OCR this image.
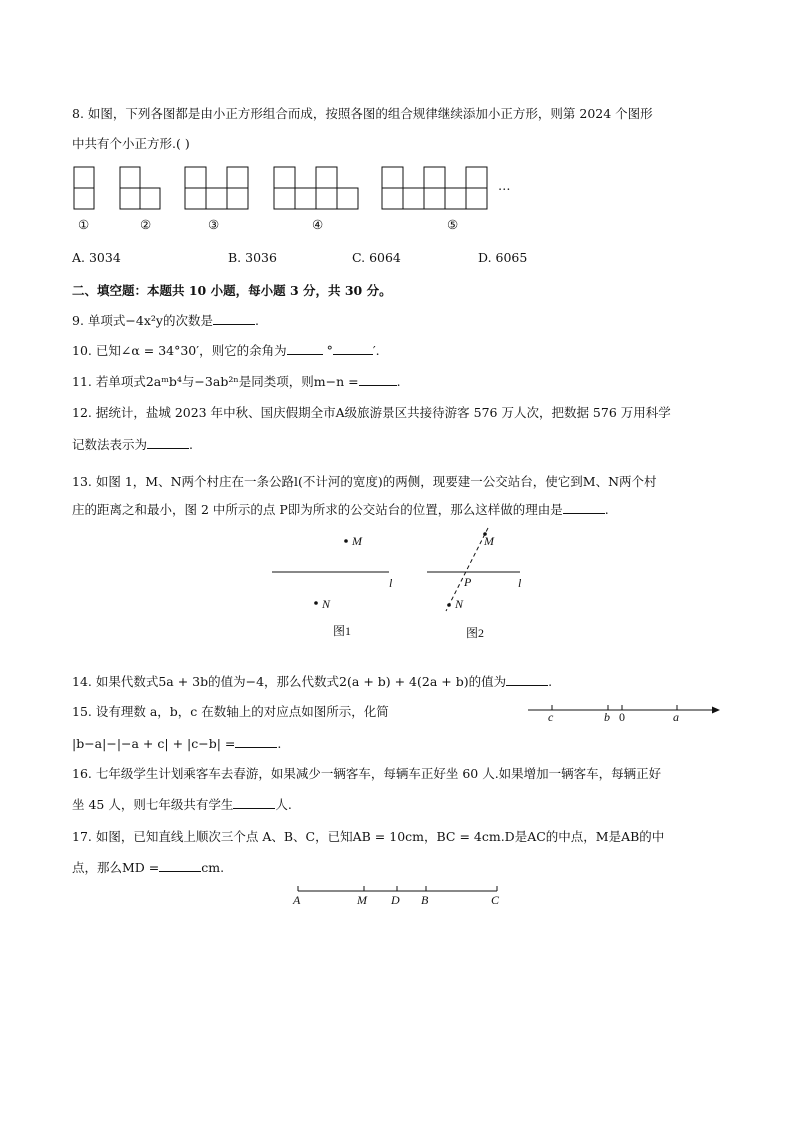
8. 如图，下列各图都是由小正方形组合而成，按照各图的组合规律继续添加小正方形，则第 2024 个图形
中共有个小正方形.( )
…
①	②	③	④	⑤
A. 3034	B. 3036	C. 6064	D. 6065
二、填空题：本题共 10 小题，每小题 3 分，共 30 分。
9. 单项式−4x²y的次数是	.
10. 已知∠α = 34°30′，则它的余角为	°	′.
11. 若单项式2aᵐb⁴与−3ab²ⁿ是同类项，则m−n =	.
12. 据统计，盐城 2023 年中秋、国庆假期全市A级旅游景区共接待游客 576 万人次，把数据 576 万用科学
记数法表示为	.
13. 如图 1，M、N两个村庄在一条公路l(不计河的宽度)的两侧，现要建一公交站台，使它到M、N两个村
庄的距离之和最小，图 2 中所示的点 P即为所求的公交站台的位置，那么这样做的理由是	.
M
l
N
图1
M
P	l
N
图2
14. 如果代数式5a + 3b的值为−4，那么代数式2(a + b) + 4(2a + b)的值为	.
15. 设有理数 a，b，c 在数轴上的对应点如图所示，化简
|b−a|−|−a + c| + |c−b| =	.
c	b 0	a
16. 七年级学生计划乘客车去春游，如果减少一辆客车，每辆车正好坐 60 人.如果增加一辆客车，每辆正好
坐 45 人，则七年级共有学生	人.
17. 如图，已知直线上顺次三个点 A、B、C，已知AB = 10cm，BC = 4cm.D是AC的中点，M是AB的中
点，那么MD =	cm.
A	M D B	C
